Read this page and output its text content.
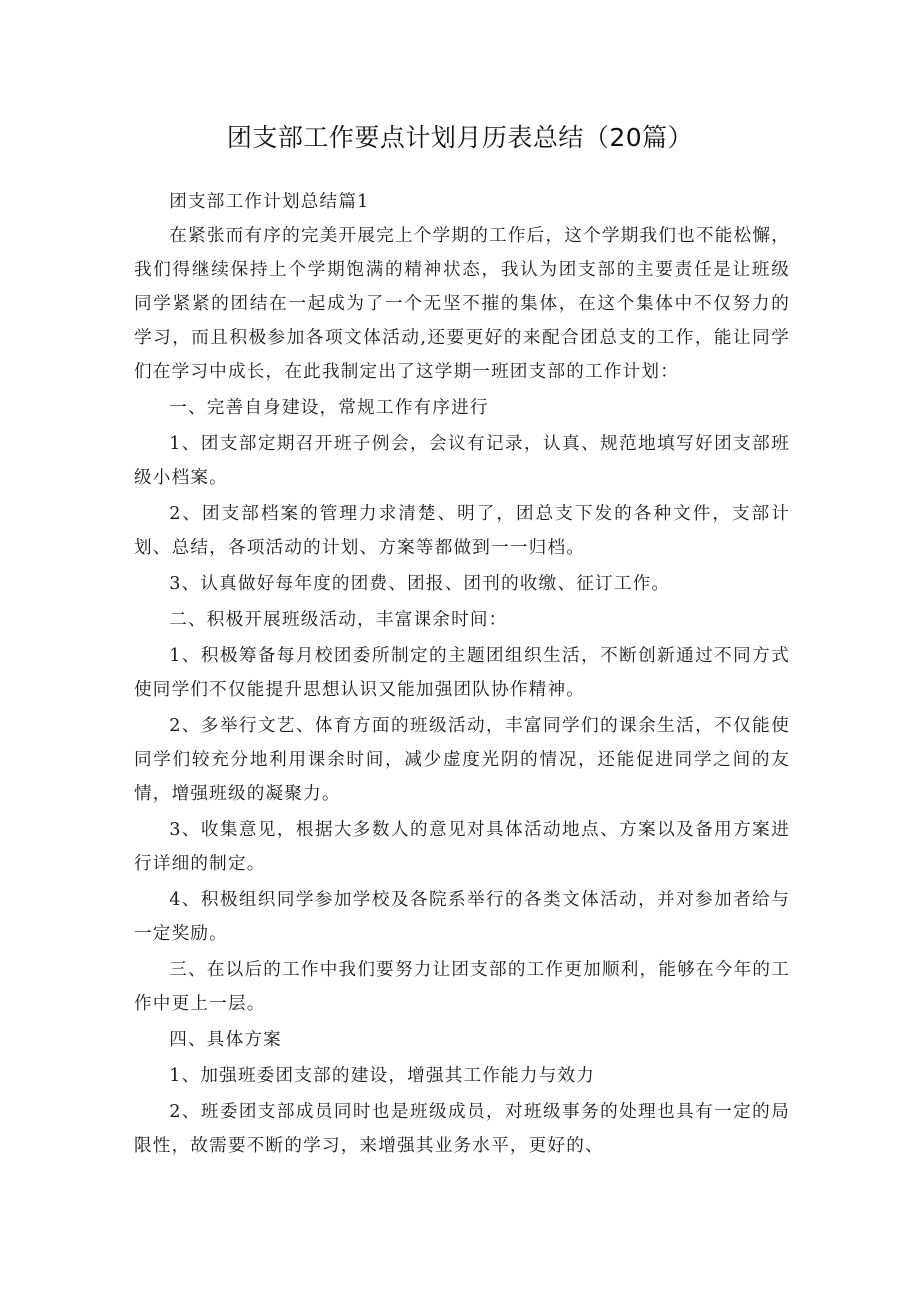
团支部工作要点计划月历表总结（20篇）

团支部工作计划总结篇1

在紧张而有序的完美开展完上个学期的工作后，这个学期我们也不能松懈，我们得继续保持上个学期饱满的精神状态，我认为团支部的主要责任是让班级同学紧紧的团结在一起成为了一个无坚不摧的集体，在这个集体中不仅努力的学习，而且积极参加各项文体活动,还要更好的来配合团总支的工作，能让同学们在学习中成长，在此我制定出了这学期一班团支部的工作计划：

一、完善自身建设，常规工作有序进行

1、团支部定期召开班子例会，会议有记录，认真、规范地填写好团支部班级小档案。

2、团支部档案的管理力求清楚、明了，团总支下发的各种文件，支部计划、总结，各项活动的计划、方案等都做到一一归档。

3、认真做好每年度的团费、团报、团刊的收缴、征订工作。

二、积极开展班级活动，丰富课余时间：

1、积极筹备每月校团委所制定的主题团组织生活，不断创新通过不同方式使同学们不仅能提升思想认识又能加强团队协作精神。

2、多举行文艺、体育方面的班级活动，丰富同学们的课余生活，不仅能使同学们较充分地利用课余时间，减少虚度光阴的情况，还能促进同学之间的友情，增强班级的凝聚力。

3、收集意见，根据大多数人的意见对具体活动地点、方案以及备用方案进行详细的制定。

4、积极组织同学参加学校及各院系举行的各类文体活动，并对参加者给与一定奖励。

三、在以后的工作中我们要努力让团支部的工作更加顺利，能够在今年的工作中更上一层。

四、具体方案

1、加强班委团支部的建设，增强其工作能力与效力

2、班委团支部成员同时也是班级成员，对班级事务的处理也具有一定的局限性，故需要不断的学习，来增强其业务水平，更好的、
